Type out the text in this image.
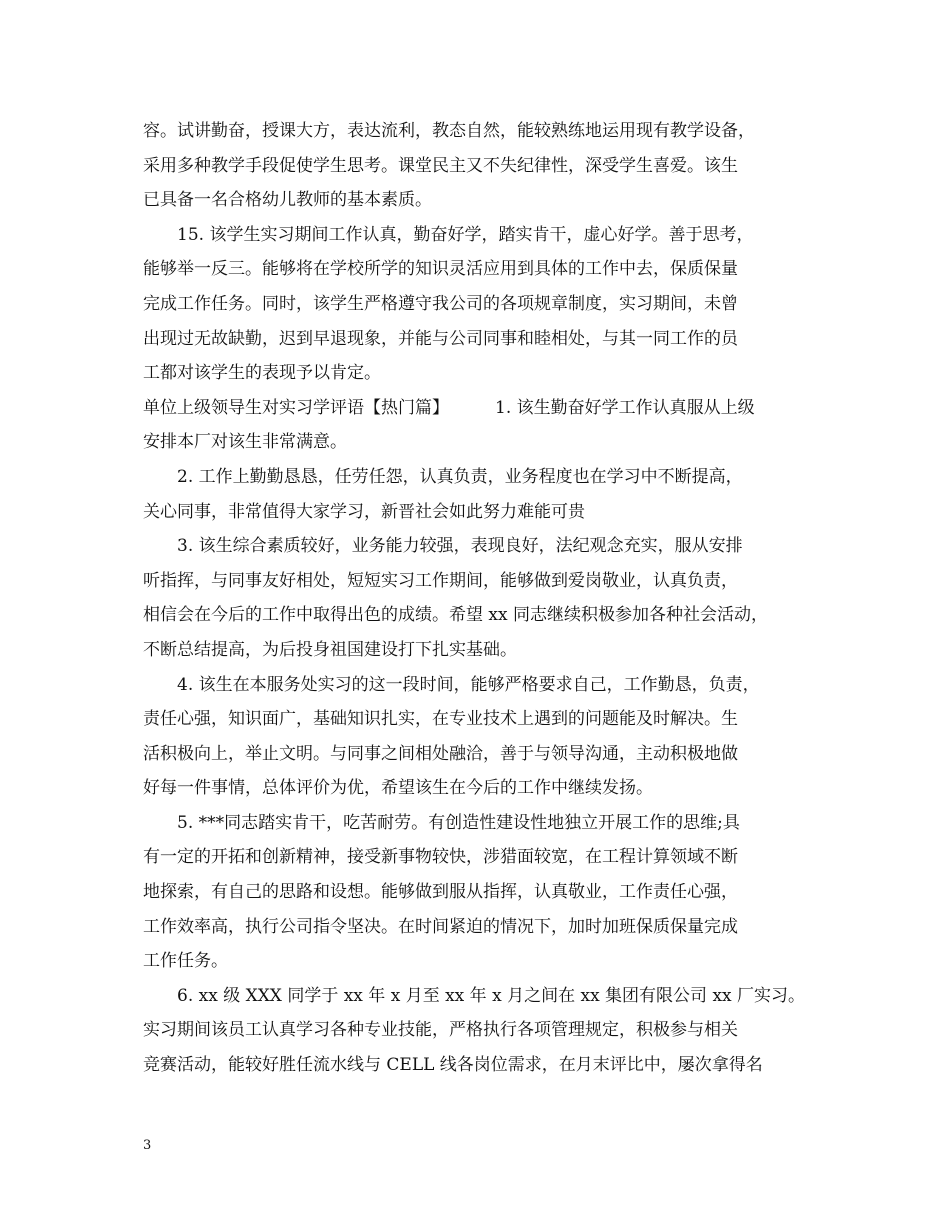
容。试讲勤奋，授课大方，表达流利，教态自然，能较熟练地运用现有教学设备，
采用多种教学手段促使学生思考。课堂民主又不失纪律性，深受学生喜爱。该生
已具备一名合格幼儿教师的基本素质。
15. 该学生实习期间工作认真，勤奋好学，踏实肯干，虚心好学。善于思考，
能够举一反三。能够将在学校所学的知识灵活应用到具体的工作中去，保质保量
完成工作任务。同时，该学生严格遵守我公司的各项规章制度，实习期间，未曾
出现过无故缺勤，迟到早退现象，并能与公司同事和睦相处，与其一同工作的员
工都对该学生的表现予以肯定。
单位上级领导生对实习学评语【热门篇】	1. 该生勤奋好学工作认真服从上级
安排本厂对该生非常满意。
2. 工作上勤勤恳恳，任劳任怨，认真负责，业务程度也在学习中不断提高，
关心同事，非常值得大家学习，新晋社会如此努力难能可贵
3. 该生综合素质较好，业务能力较强，表现良好，法纪观念充实，服从安排
听指挥，与同事友好相处，短短实习工作期间，能够做到爱岗敬业，认真负责，
相信会在今后的工作中取得出色的成绩。希望 xx 同志继续积极参加各种社会活动，
不断总结提高，为后投身祖国建设打下扎实基础。
4. 该生在本服务处实习的这一段时间，能够严格要求自己，工作勤恳，负责，
责任心强，知识面广，基础知识扎实，在专业技术上遇到的问题能及时解决。生
活积极向上，举止文明。与同事之间相处融洽，善于与领导沟通，主动积极地做
好每一件事情，总体评价为优，希望该生在今后的工作中继续发扬。
5. ***同志踏实肯干，吃苦耐劳。有创造性建设性地独立开展工作的思维;具
有一定的开拓和创新精神，接受新事物较快，涉猎面较宽，在工程计算领域不断
地探索，有自己的思路和设想。能够做到服从指挥，认真敬业，工作责任心强，
工作效率高，执行公司指令坚决。在时间紧迫的情况下，加时加班保质保量完成
工作任务。
6. xx 级 XXX 同学于 xx 年 x 月至 xx 年 x 月之间在 xx 集团有限公司 xx 厂实习。
实习期间该员工认真学习各种专业技能，严格执行各项管理规定，积极参与相关
竞赛活动，能较好胜任流水线与 CELL 线各岗位需求，在月末评比中，屡次拿得名
3
